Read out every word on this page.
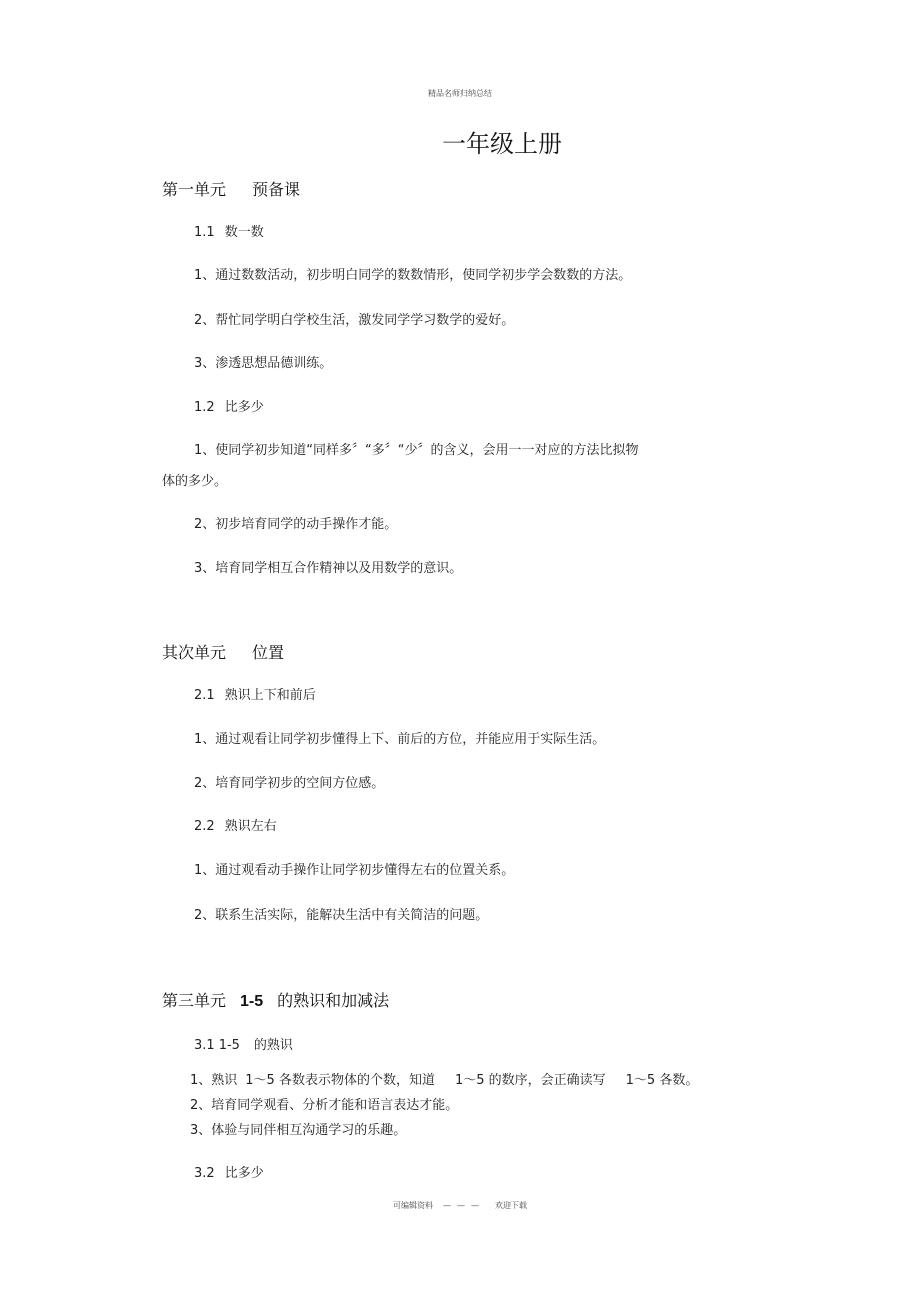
精品名师归纳总结
一年级上册
第一单元 预备课
1.1 数一数
1、通过数数活动，初步明白同学的数数情形，使同学初步学会数数的方法。
2、帮忙同学明白学校生活，激发同学学习数学的爱好。
3、渗透思想品德训练。
1.2 比多少
1、使同学初步知道“同样多〞“多〞“少〞的含义，会用一一对应的方法比拟物
体的多少。
2、初步培育同学的动手操作才能。
3、培育同学相互合作精神以及用数学的意识。
其次单元 位置
2.1 熟识上下和前后
1、通过观看让同学初步懂得上下、前后的方位，并能应用于实际生活。
2、培育同学初步的空间方位感。
2.2 熟识左右
1、通过观看动手操作让同学初步懂得左右的位置关系。
2、联系生活实际，能解决生活中有关简洁的问题。
第三单元 1-5 的熟识和加减法
3.1 1-5 的熟识
1、熟识 1～5 各数表示物体的个数，知道 1～5 的数序，会正确读写 1～5 各数。
2、培育同学观看、分析才能和语言表达才能。
3、体验与同伴相互沟通学习的乐趣。
3.2 比多少
可编辑资料 ——— 欢迎下载
